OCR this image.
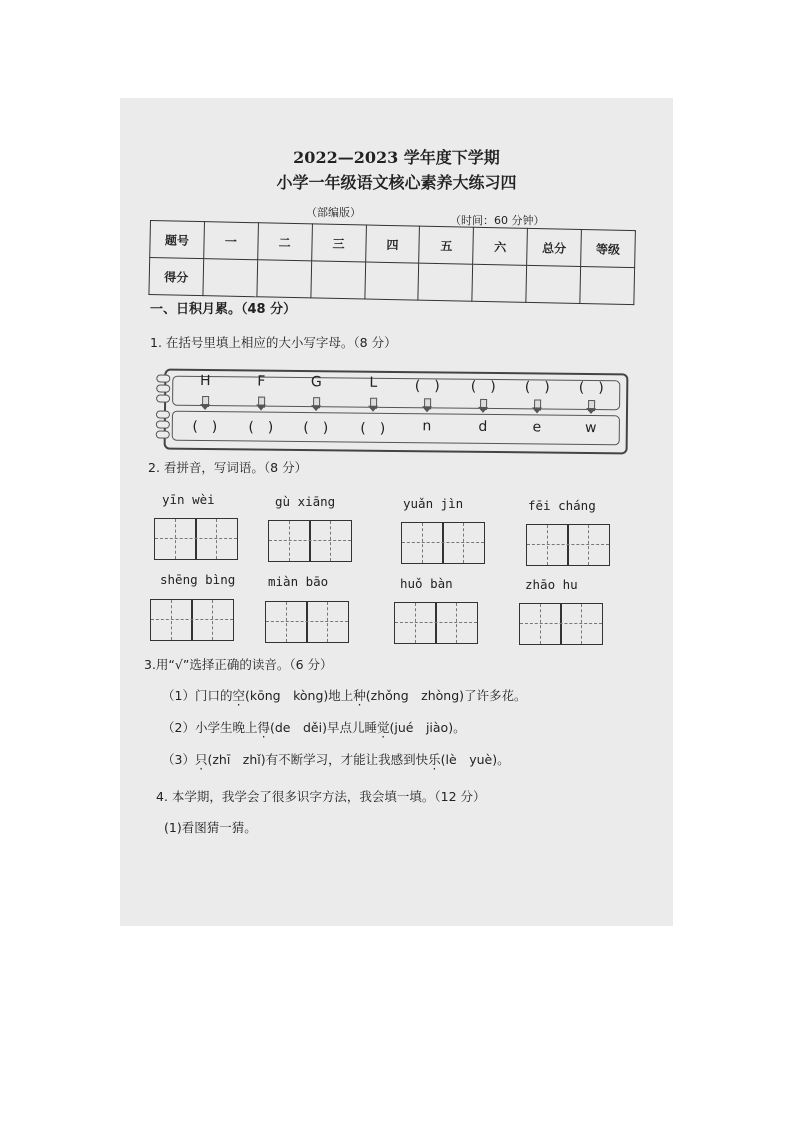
2022—2023 学年度下学期
小学一年级语文核心素养大练习四
（部编版）
（时间：60 分钟）
题号	一	二	三	四	五	六	总分	等级
得分								
一、日积月累。（48 分）
1. 在括号里填上相应的大小写字母。（8 分）
H	F	G	L	(　)	(　)	(　)	(　)
(　)	(　)	(　)	(　)	n	d	e	w
2. 看拼音，写词语。（8 分）
yīn wèi	gù xiāng	yuǎn jìn	fēi cháng
shēng bìng	miàn bāo	huǒ bàn	zhāo hu
3.用“√”选择正确的读音。（6 分）
（1）门口的空(kōng　kòng)地上种(zhǒng　zhòng)了许多花。
（2）小学生晚上得(de　děi)早点儿睡觉(jué　jiào)。
（3）只(zhī　zhǐ)有不断学习，才能让我感到快乐(lè　yuè)。
4. 本学期，我学会了很多识字方法，我会填一填。（12 分）
(1)看图猜一猜。
